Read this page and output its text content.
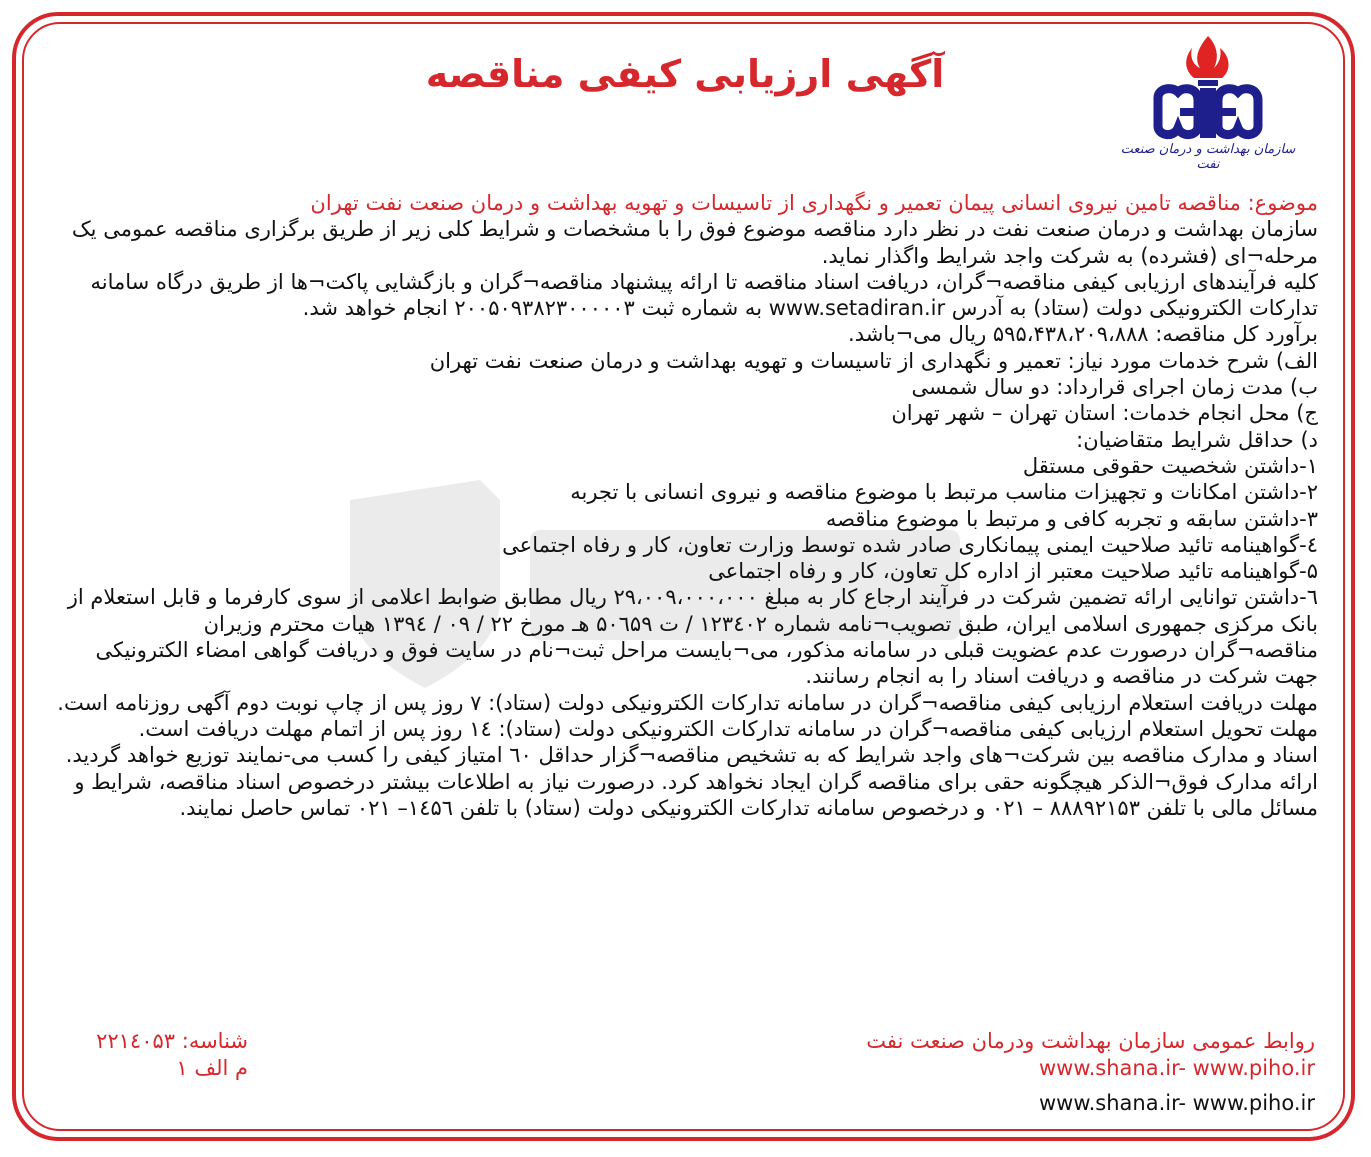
سازمان بهداشت و درمان صنعت نفت
آگهی ارزیابی کیفی مناقصه

موضوع: مناقصه تامین نیروی انسانی پیمان تعمیر و نگهداری از تاسیسات و تهویه بهداشت و درمان صنعت نفت تهران

سازمان بهداشت و درمان صنعت نفت در نظر دارد مناقصه موضوع فوق را با مشخصات و شرایط کلی زیر از طریق برگزاری مناقصه عمومی یک مرحله¬ای (فشرده) به شرکت واجد شرایط واگذار نماید.

کلیه فرآیندهای ارزیابی کیفی مناقصه¬گران، دریافت اسناد مناقصه تا ارائه پیشنهاد مناقصه¬گران و بازگشایی پاکت¬ها از طریق درگاه سامانه تدارکات الکترونیکی دولت (ستاد) به آدرس www.setadiran.ir به شماره ثبت ۲۰۰۵۰۹۳۸۲۳۰۰۰۰۰۳ انجام خواهد شد.

برآورد کل مناقصه: ۵۹۵،۴۳۸،۲۰۹،۸۸۸ ریال می¬باشد.

الف) شرح خدمات مورد نیاز: تعمیر و نگهداری از تاسیسات و تهویه بهداشت و درمان صنعت نفت تهران

ب) مدت زمان اجرای قرارداد: دو سال شمسی

ج) محل انجام خدمات: استان تهران – شهر تهران

د) حداقل شرایط متقاضیان:

۱-داشتن شخصیت حقوقی مستقل

۲-داشتن امکانات و تجهیزات مناسب مرتبط با موضوع مناقصه و نیروی انسانی با تجربه

۳-داشتن سابقه و تجربه کافی و مرتبط با موضوع مناقصه

٤-گواهینامه تائید صلاحیت ایمنی پیمانکاری صادر شده توسط وزارت تعاون، کار و رفاه اجتماعی

۵-گواهینامه تائید صلاحیت معتبر از اداره کل تعاون، کار و رفاه اجتماعی

٦-داشتن توانایی ارائه تضمین شرکت در فرآیند ارجاع کار به مبلغ ۲۹،۰۰۹،۰۰۰،۰۰۰ ریال مطابق ضوابط اعلامی از سوی کارفرما و قابل استعلام از بانک مرکزی جمهوری اسلامی ایران، طبق تصویب¬نامه شماره ۱۲۳٤۰۲ / ت ۵۰٦۵۹ هـ مورخ ۲۲ / ۰۹ / ۱۳۹٤ هیات محترم وزیران

مناقصه¬گران درصورت عدم عضویت قبلی در سامانه مذکور، می¬بایست مراحل ثبت¬نام در سایت فوق و دریافت گواهی امضاء الکترونیکی جهت شرکت در مناقصه و دریافت اسناد را به انجام رسانند.

مهلت دریافت استعلام ارزیابی کیفی مناقصه¬گران در سامانه تدارکات الکترونیکی دولت (ستاد): ۷ روز پس از چاپ نوبت دوم آگهی روزنامه است.

مهلت تحویل استعلام ارزیابی کیفی مناقصه¬گران در سامانه تدارکات الکترونیکی دولت (ستاد): ١٤ روز پس از اتمام مهلت دریافت است.

اسناد و مدارک مناقصه بین شرکت¬های واجد شرایط که به تشخیص مناقصه¬گزار حداقل ٦٠ امتیاز کیفی را کسب می-نمایند توزیع خواهد گردید.

ارائه مدارک فوق¬الذکر هیچگونه حقی برای مناقصه گران ایجاد نخواهد کرد. درصورت نیاز به اطلاعات بیشتر درخصوص اسناد مناقصه، شرایط و مسائل مالی با تلفن ۸۸۸۹۲۱۵۳ – ۰۲۱ و درخصوص سامانه تدارکات الکترونیکی دولت (ستاد) با تلفن ۱٤۵٦– ۰۲۱ تماس حاصل نمایند.

روابط عمومی سازمان بهداشت ودرمان صنعت نفت
www.shana.ir- www.piho.ir
www.shana.ir- www.piho.ir
شناسه: ۲۲۱٤۰۵۳
م الف ۱
